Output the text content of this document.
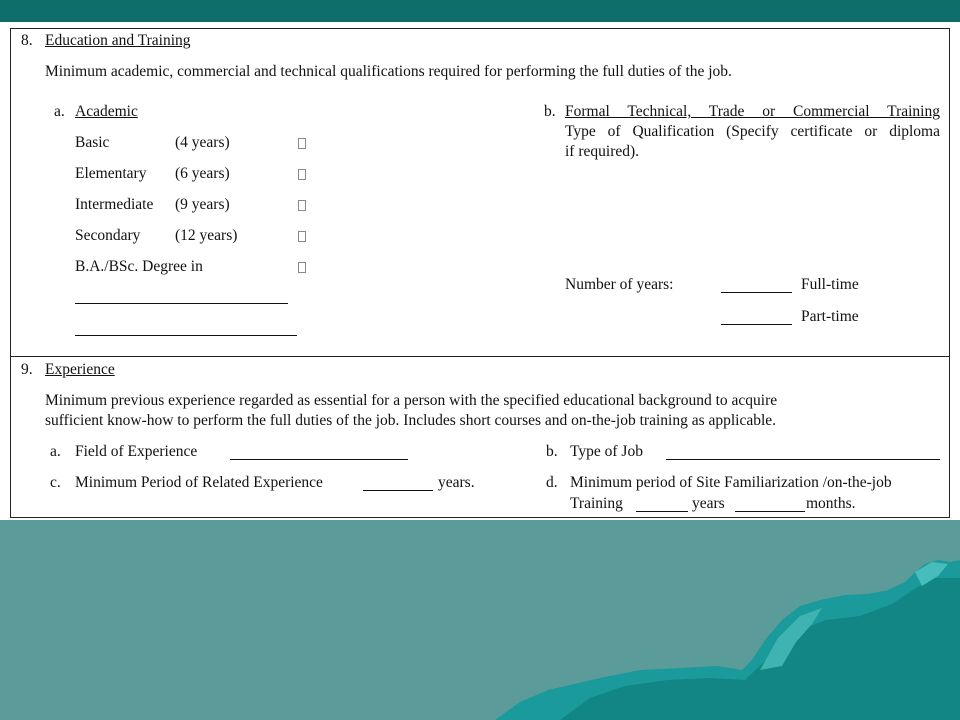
8. Education and Training
Minimum academic, commercial and technical qualifications required for performing the full duties of the job.
a. Academic
Basic	(4 years)
Elementary (6 years)
Intermediate (9 years)
Secondary (12 years)
B.A./BSc. Degree in
b. Formal Technical, Trade or Commercial Training
Type of Qualification (Specify certificate or diploma
if required).
Number of years:	Full-time
Part-time
9. Experience
Minimum previous experience regarded as essential for a person with the specified educational background to acquire
sufficient know-how to perform the full duties of the job. Includes short courses and on-the-job training as applicable.
a. Field of Experience	b. Type of Job
c. Minimum Period of Related Experience	years.	d. Minimum period of Site Familiarization /on-the-job
Training	years	months.
